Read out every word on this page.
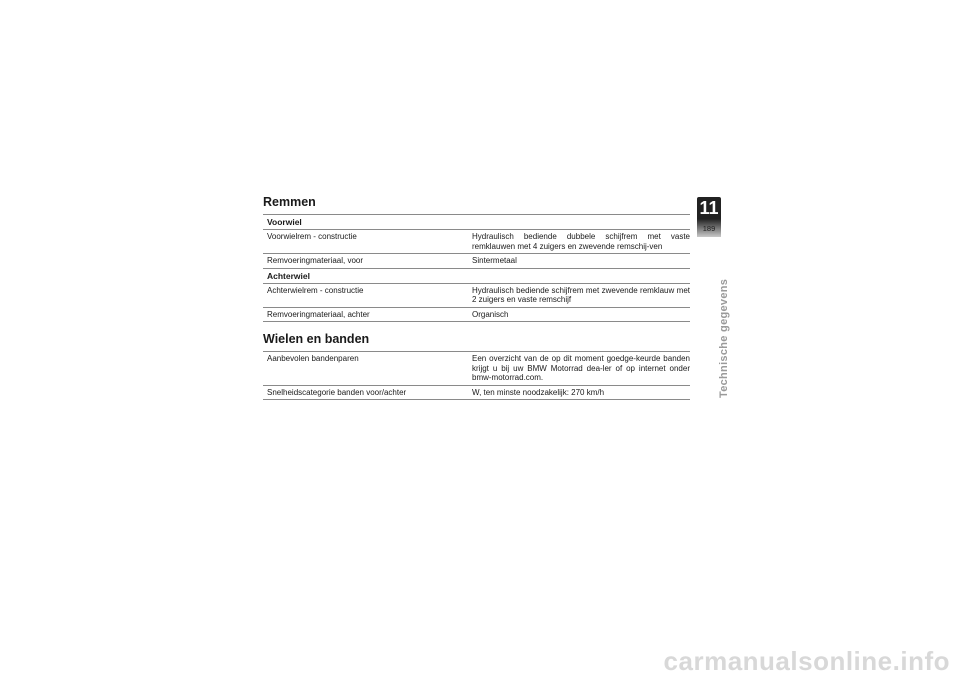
Remmen
Voorwiel
Voorwielrem - constructie	Hydraulisch bediende dubbele schijfrem met vaste remklauwen met 4 zuigers en zwevende remschij-ven
Remvoeringmateriaal, voor	Sintermetaal
Achterwiel
Achterwielrem - constructie	Hydraulisch bediende schijfrem met zwevende remklauw met 2 zuigers en vaste remschijf
Remvoeringmateriaal, achter	Organisch
Wielen en banden
Aanbevolen bandenparen	Een overzicht van de op dit moment goedge-keurde banden krijgt u bij uw BMW Motorrad dea-ler of op internet onder bmw-motorrad.com.
Snelheidscategorie banden voor/achter	W, ten minste noodzakelijk: 270 km/h
11
189
Technische gegevens
carmanualsonline.info
